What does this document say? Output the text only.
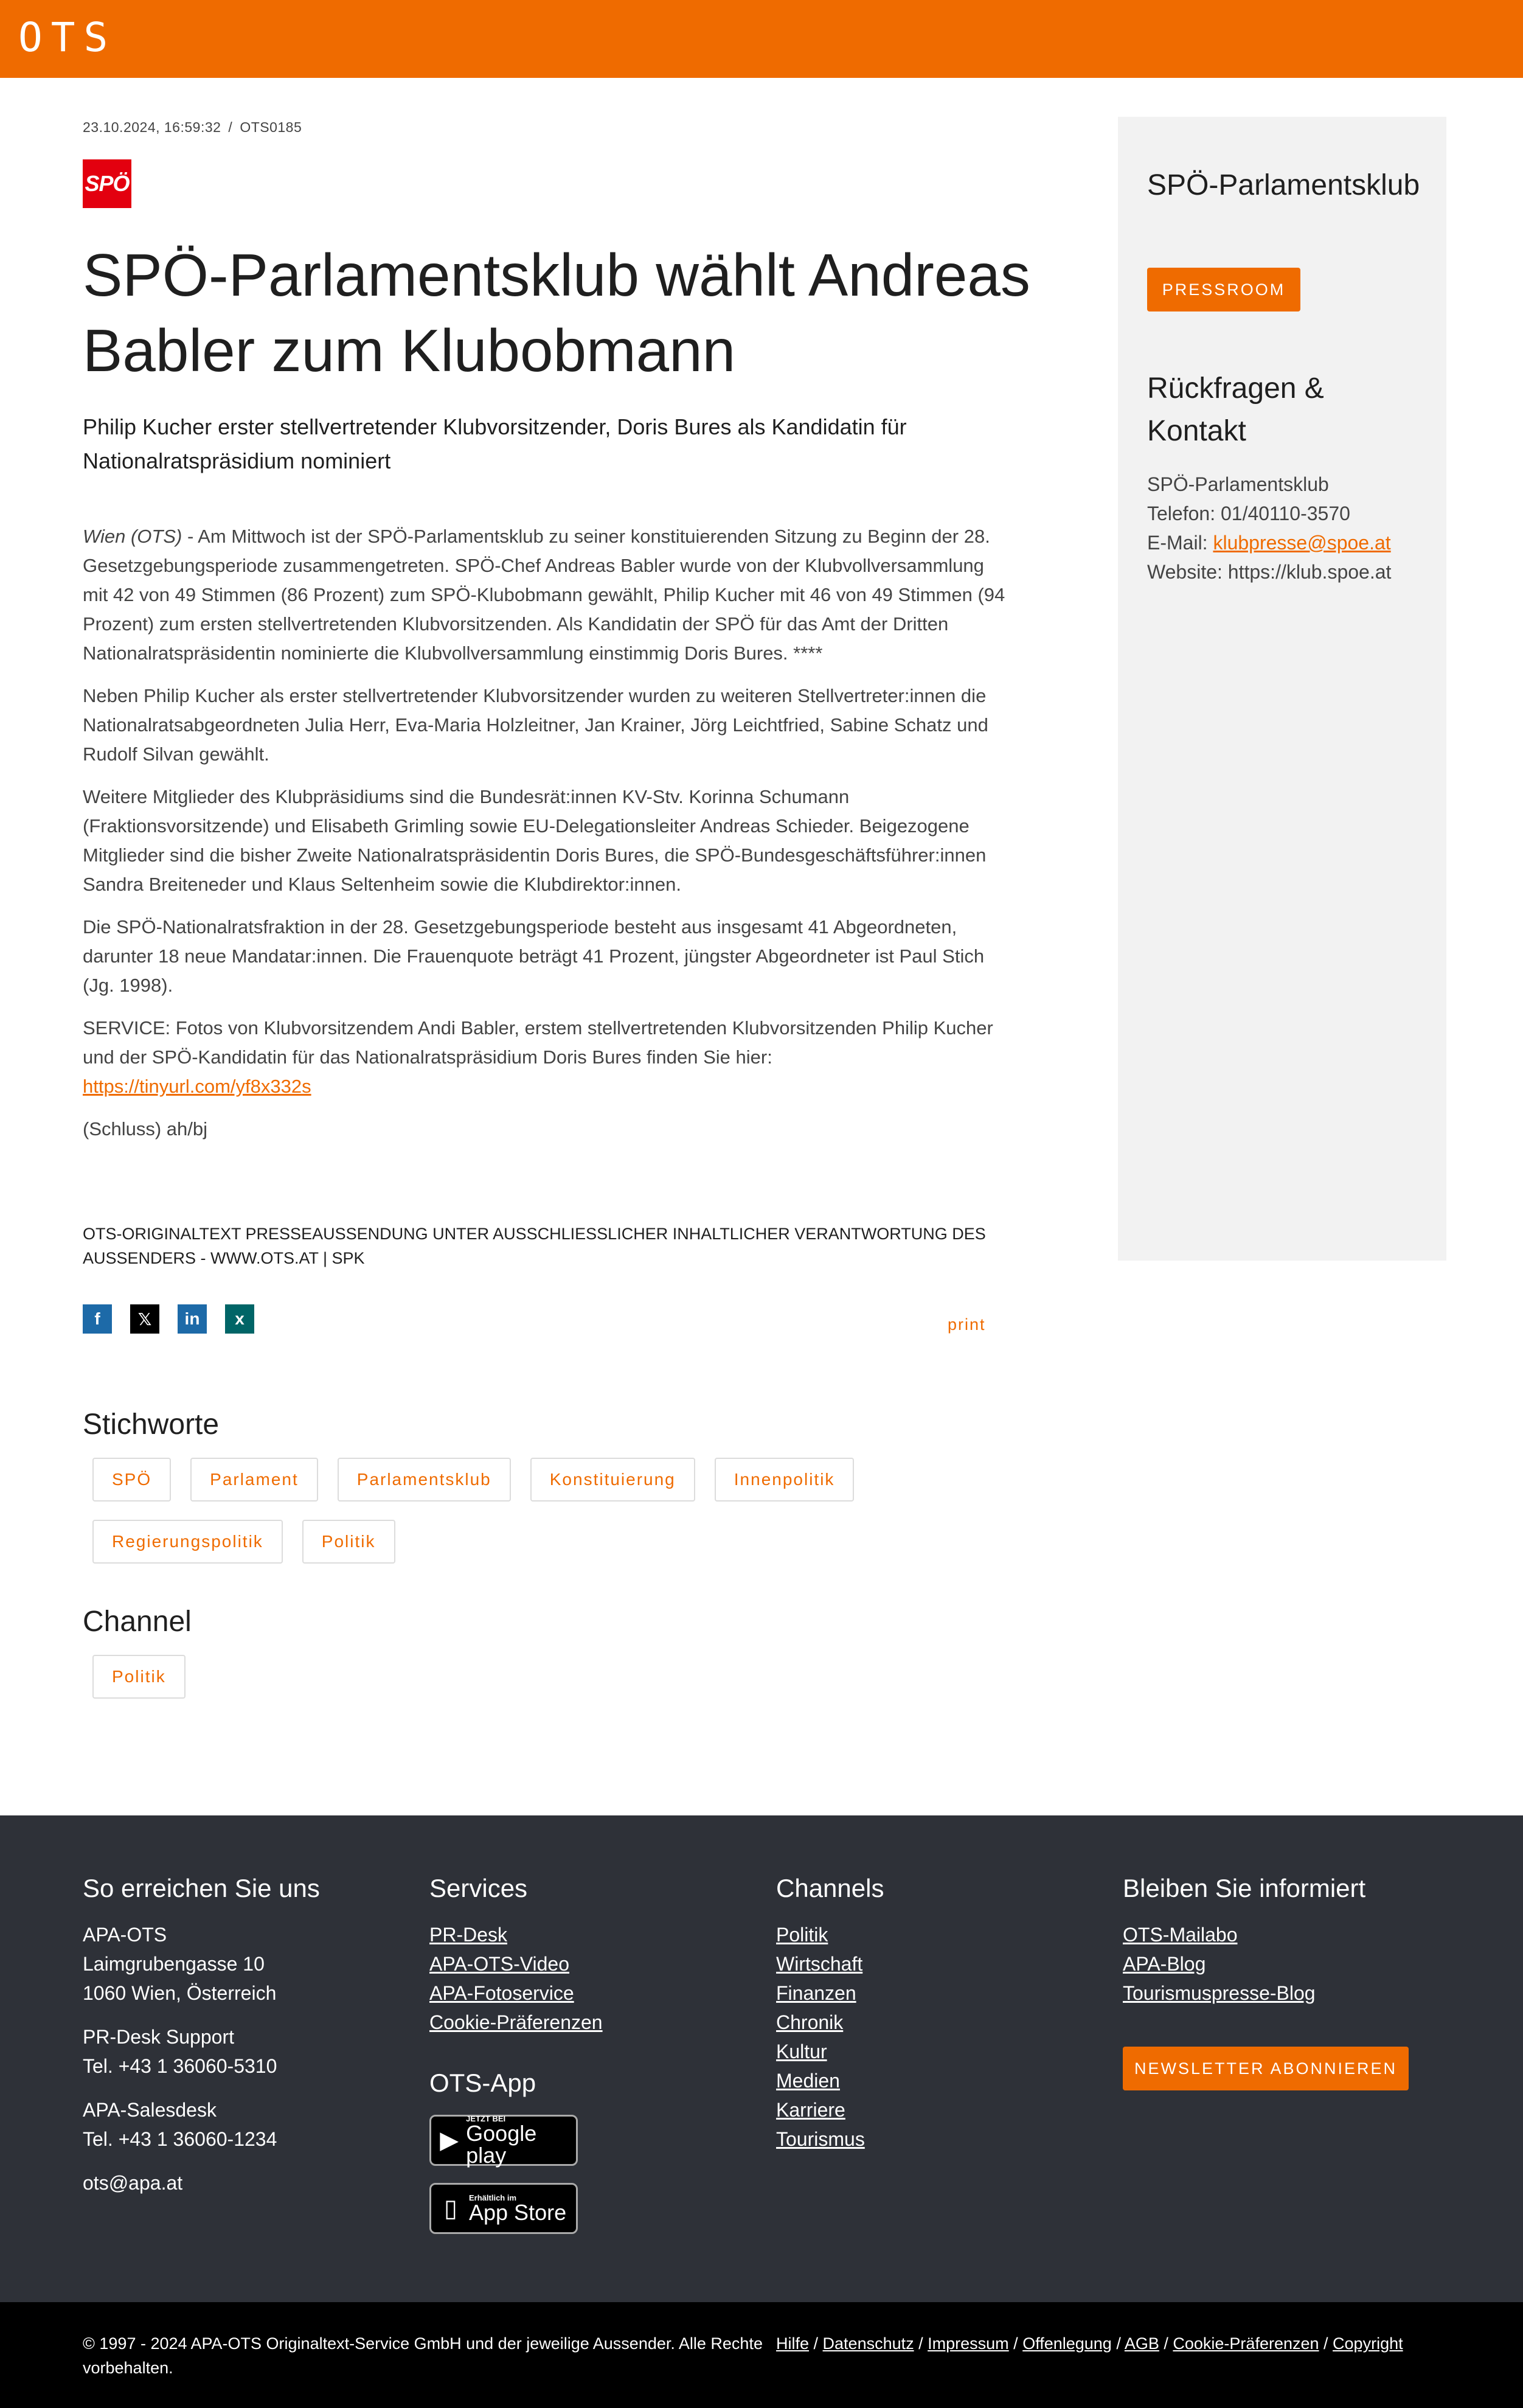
OTS
23.10.2024, 16:59:32 / OTS0185
SPÖ
SPÖ-Parlamentsklub wählt Andreas Babler zum Klubobmann
Philip Kucher erster stellvertretender Klubvorsitzender, Doris Bures als Kandidatin für Nationalratspräsidium nominiert

Wien (OTS) - Am Mittwoch ist der SPÖ-Parlamentsklub zu seiner konstituierenden Sitzung zu Beginn der 28. Gesetzgebungsperiode zusammengetreten. SPÖ-Chef Andreas Babler wurde von der Klubvollversammlung mit 42 von 49 Stimmen (86 Prozent) zum SPÖ-Klubobmann gewählt, Philip Kucher mit 46 von 49 Stimmen (94 Prozent) zum ersten stellvertretenden Klubvorsitzenden. Als Kandidatin der SPÖ für das Amt der Dritten Nationalratspräsidentin nominierte die Klubvollversammlung einstimmig Doris Bures. ****

Neben Philip Kucher als erster stellvertretender Klubvorsitzender wurden zu weiteren Stellvertreter:innen die Nationalratsabgeordneten Julia Herr, Eva-Maria Holzleitner, Jan Krainer, Jörg Leichtfried, Sabine Schatz und Rudolf Silvan gewählt.

Weitere Mitglieder des Klubpräsidiums sind die Bundesrät:innen KV-Stv. Korinna Schumann (Fraktionsvorsitzende) und Elisabeth Grimling sowie EU-Delegationsleiter Andreas Schieder. Beigezogene Mitglieder sind die bisher Zweite Nationalratspräsidentin Doris Bures, die SPÖ-Bundesgeschäftsführer:innen Sandra Breiteneder und Klaus Seltenheim sowie die Klubdirektor:innen.

Die SPÖ-Nationalratsfraktion in der 28. Gesetzgebungsperiode besteht aus insgesamt 41 Abgeordneten, darunter 18 neue Mandatar:innen. Die Frauenquote beträgt 41 Prozent, jüngster Abgeordneter ist Paul Stich (Jg. 1998).

SERVICE: Fotos von Klubvorsitzendem Andi Babler, erstem stellvertretenden Klubvorsitzenden Philip Kucher und der SPÖ-Kandidatin für das Nationalratspräsidium Doris Bures finden Sie hier:
https://tinyurl.com/yf8x332s

(Schluss) ah/bj

OTS-ORIGINALTEXT PRESSEAUSSENDUNG UNTER AUSSCHLIESSLICHER INHALTLICHER VERANTWORTUNG DES AUSSENDERS - WWW.OTS.AT | SPK
f	𝕏	in	x	print
Stichworte
SPÖ	Parlament	Parlamentsklub	Konstituierung	Innenpolitik
Regierungspolitik	Politik
Channel
Politik
SPÖ-Parlamentsklub
PRESSROOM
Rückfragen & Kontakt
SPÖ-Parlamentsklub
Telefon: 01/40110-3570
E-Mail: klubpresse@spoe.at
Website: https://klub.spoe.at
So erreichen Sie uns
APA-OTS
Laimgrubengasse 10
1060 Wien, Österreich
PR-Desk Support
Tel. +43 1 36060-5310
APA-Salesdesk
Tel. +43 1 36060-1234
ots@apa.at
Services
PR-Desk
APA-OTS-Video
APA-Fotoservice
Cookie-Präferenzen
OTS-App
▶
JETZT BEI
Google play
▯	Erhältlich im
App Store
Channels
Politik
Wirtschaft
Finanzen
Chronik
Kultur
Medien
Karriere
Tourismus
Bleiben Sie informiert
OTS-Mailabo
APA-Blog
Tourismuspresse-Blog
NEWSLETTER ABONNIEREN
© 1997 - 2024 APA-OTS Originaltext-Service GmbH und der jeweilige Aussender. Alle Rechte vorbehalten.
Hilfe / Datenschutz / Impressum / Offenlegung / AGB / Cookie-Präferenzen / Copyright
